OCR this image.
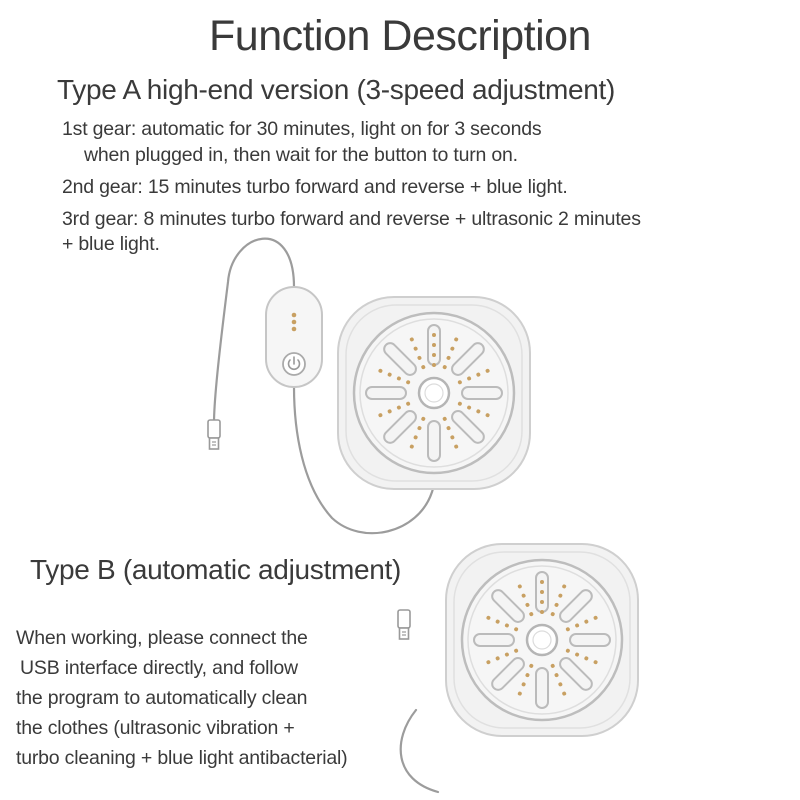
Function Description
Type A high-end version (3-speed adjustment)
1st gear: automatic for 30 minutes, light on for 3 seconds
when plugged in, then wait for the button to turn on.
2nd gear: 15 minutes turbo forward and reverse + blue light.
3rd gear: 8 minutes turbo forward and reverse + ultrasonic 2 minutes
+ blue light.
Type B (automatic adjustment)
When working, please connect the
USB interface directly, and follow
the program to automatically clean
the clothes (ultrasonic vibration +
turbo cleaning + blue light antibacterial)
